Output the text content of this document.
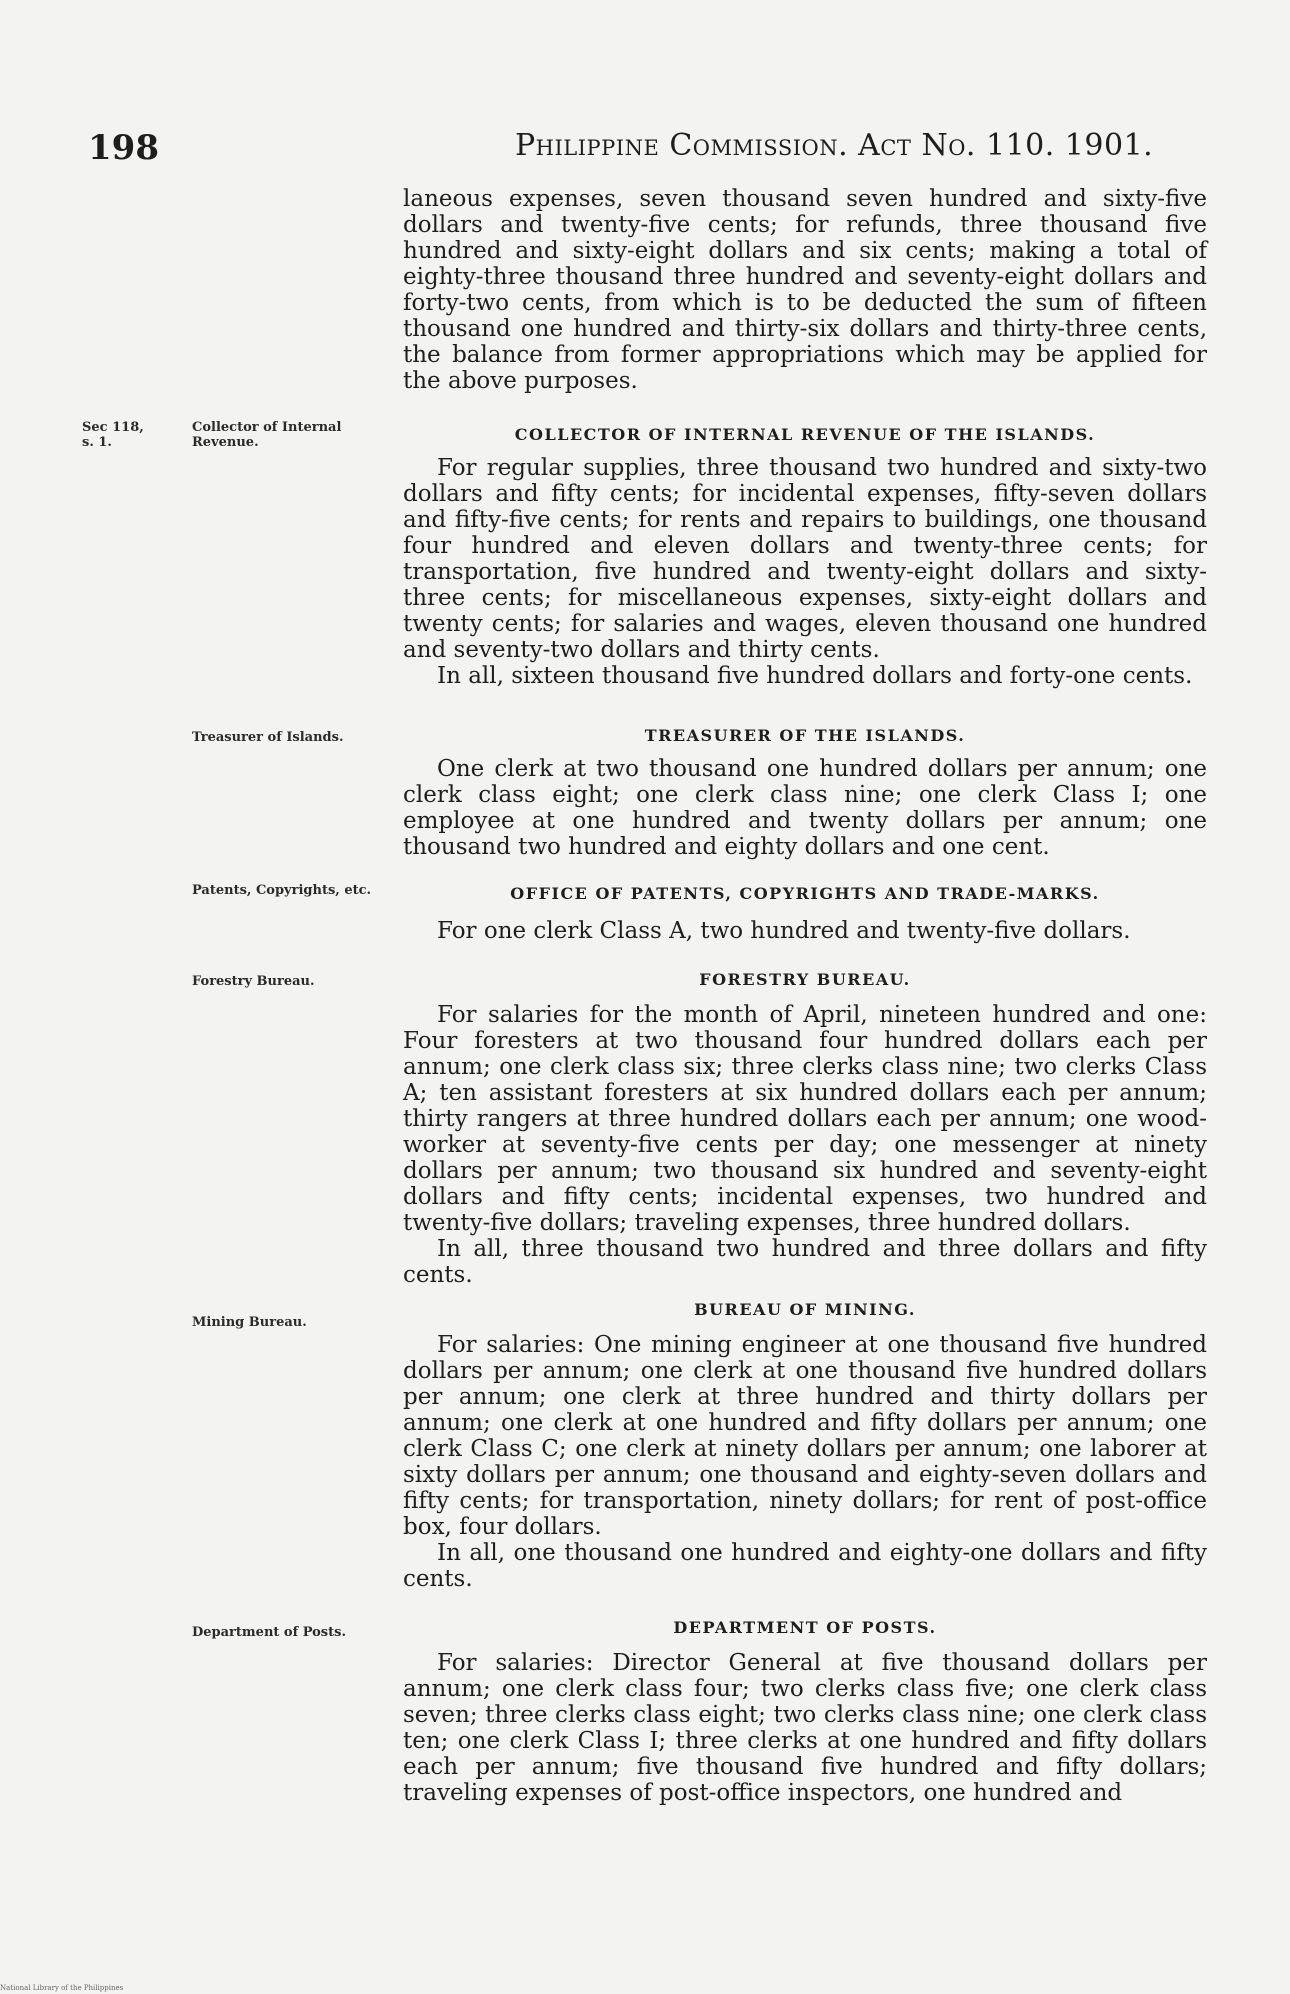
198	Philippine Commission. Act No. 110. 1901.

laneous expenses, seven thousand seven hundred and sixty-five dollars and twenty-five cents; for refunds, three thousand five hundred and sixty-eight dollars and six cents; making a total of eighty-three thousand three hundred and seventy-eight dollars and forty-two cents, from which is to be deducted the sum of fifteen thousand one hundred and thirty-six dollars and thirty-three cents, the balance from former appropriations which may be applied for the above purposes.

Sec 118, s. 1.
Collector of Internal Revenue.	COLLECTOR OF INTERNAL REVENUE OF THE ISLANDS.

For regular supplies, three thousand two hundred and sixty-two dollars and fifty cents; for incidental expenses, fifty-seven dollars and fifty-five cents; for rents and repairs to buildings, one thousand four hundred and eleven dollars and twenty-three cents; for transportation, five hundred and twenty-eight dollars and sixty-three cents; for miscellaneous expenses, sixty-eight dollars and twenty cents; for salaries and wages, eleven thousand one hundred and seventy-two dollars and thirty cents.

In all, sixteen thousand five hundred dollars and forty-one cents.

Treasurer of Islands.	TREASURER OF THE ISLANDS.

One clerk at two thousand one hundred dollars per annum; one clerk class eight; one clerk class nine; one clerk Class I; one employee at one hundred and twenty dollars per annum; one thousand two hundred and eighty dollars and one cent.

Patents, Copyrights, etc.	OFFICE OF PATENTS, COPYRIGHTS AND TRADE-MARKS.

For one clerk Class A, two hundred and twenty-five dollars.

Forestry Bureau.	FORESTRY BUREAU.

For salaries for the month of April, nineteen hundred and one: Four foresters at two thousand four hundred dollars each per annum; one clerk class six; three clerks class nine; two clerks Class A; ten assistant foresters at six hundred dollars each per annum; thirty rangers at three hundred dollars each per annum; one wood-worker at seventy-five cents per day; one messenger at ninety dollars per annum; two thousand six hundred and seventy-eight dollars and fifty cents; incidental expenses, two hundred and twenty-five dollars; traveling expenses, three hundred dollars.

In all, three thousand two hundred and three dollars and fifty cents.

Mining Bureau.
BUREAU OF MINING.

For salaries: One mining engineer at one thousand five hundred dollars per annum; one clerk at one thousand five hundred dollars per annum; one clerk at three hundred and thirty dollars per annum; one clerk at one hundred and fifty dollars per annum; one clerk Class C; one clerk at ninety dollars per annum; one laborer at sixty dollars per annum; one thousand and eighty-seven dollars and fifty cents; for transportation, ninety dollars; for rent of post-office box, four dollars.

In all, one thousand one hundred and eighty-one dollars and fifty cents.

Department of Posts.	DEPARTMENT OF POSTS.

For salaries: Director General at five thousand dollars per annum; one clerk class four; two clerks class five; one clerk class seven; three clerks class eight; two clerks class nine; one clerk class ten; one clerk Class I; three clerks at one hundred and fifty dollars each per annum; five thousand five hundred and fifty dollars; traveling expenses of post-office inspectors, one hundred and

National Library of the Philippines
